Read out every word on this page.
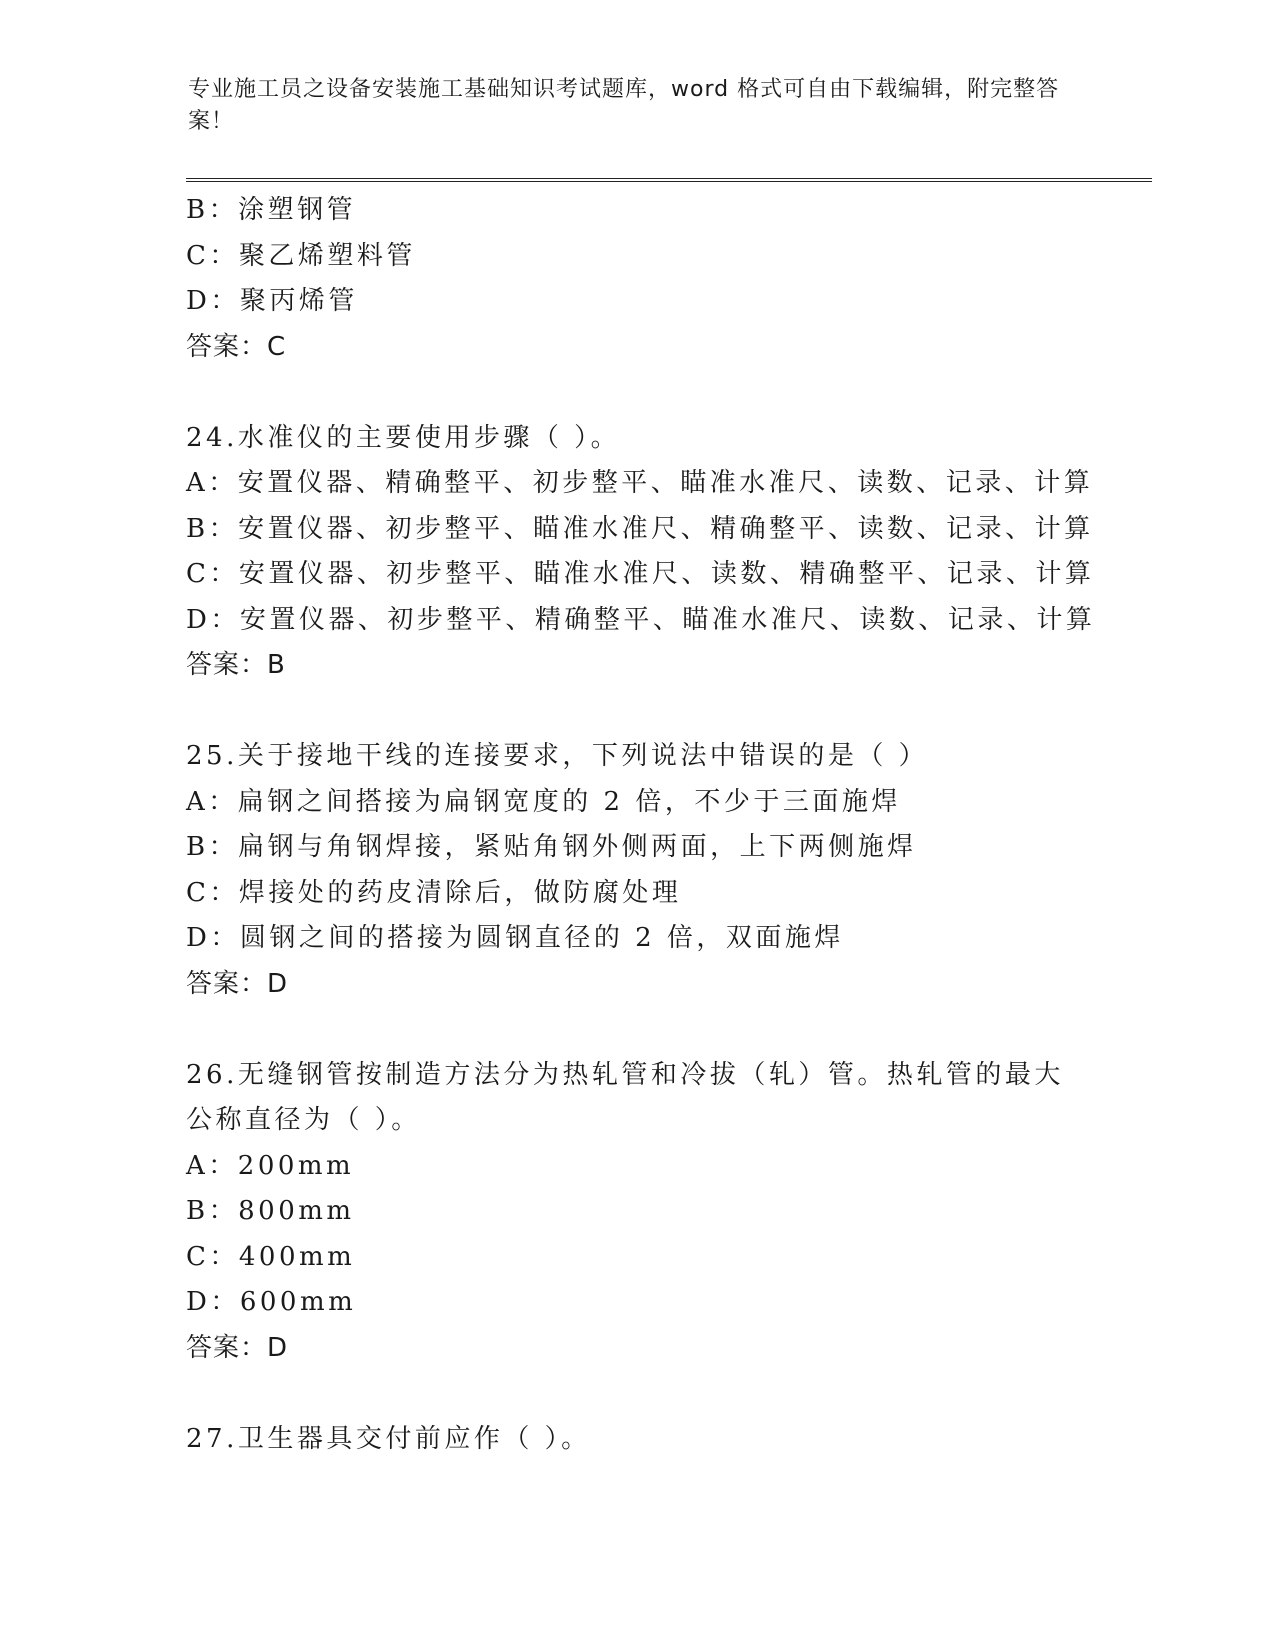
专业施工员之设备安装施工基础知识考试题库，word 格式可自由下载编辑，附完整答案！
B：涂塑钢管
C：聚乙烯塑料管
D：聚丙烯管
答案：C
24.水准仪的主要使用步骤（ ）。
A：安置仪器、精确整平、初步整平、瞄准水准尺、读数、记录、计算
B：安置仪器、初步整平、瞄准水准尺、精确整平、读数、记录、计算
C：安置仪器、初步整平、瞄准水准尺、读数、精确整平、记录、计算
D：安置仪器、初步整平、精确整平、瞄准水准尺、读数、记录、计算
答案：B
25.关于接地干线的连接要求，下列说法中错误的是（ ）
A：扁钢之间搭接为扁钢宽度的 2 倍，不少于三面施焊
B：扁钢与角钢焊接，紧贴角钢外侧两面，上下两侧施焊
C：焊接处的药皮清除后，做防腐处理
D：圆钢之间的搭接为圆钢直径的 2 倍，双面施焊
答案：D
26.无缝钢管按制造方法分为热轧管和冷拔（轧）管。热轧管的最大公称直径为（ ）。
A：200mm
B：800mm
C：400mm
D：600mm
答案：D
27.卫生器具交付前应作（ ）。
